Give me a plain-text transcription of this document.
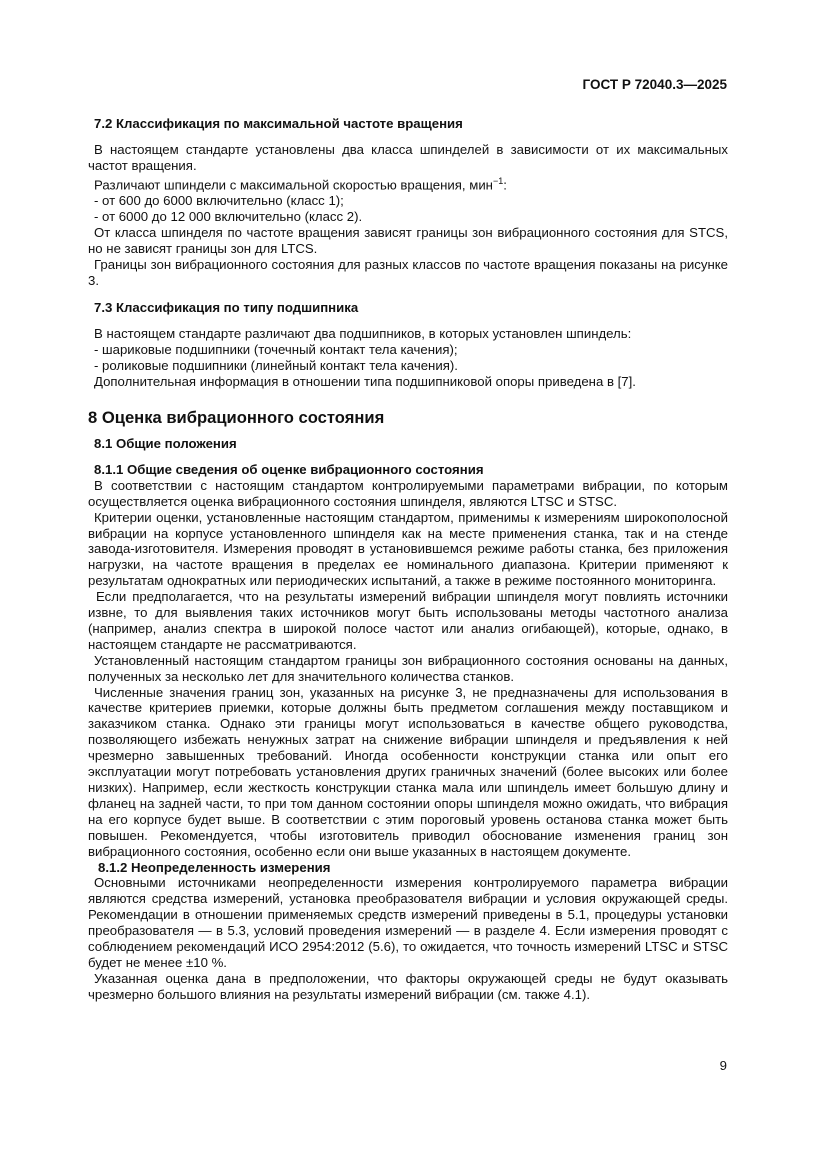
ГОСТ Р 72040.3—2025
7.2 Классификация по максимальной частоте вращения

В настоящем стандарте установлены два класса шпинделей в зависимости от их максимальных частот вращения.

Различают шпиндели с максимальной скоростью вращения, мин$^{-1}$:

- от 600 до 6000 включительно (класс 1);

- от 6000 до 12 000 включительно (класс 2).

От класса шпинделя по частоте вращения зависят границы зон вибрационного состояния для STCS, но не зависят границы зон для LTCS.

Границы зон вибрационного состояния для разных классов по частоте вращения показаны на рисунке 3.

7.3 Классификация по типу подшипника

В настоящем стандарте различают два подшипников, в которых установлен шпиндель:

- шариковые подшипники (точечный контакт тела качения);

- роликовые подшипники (линейный контакт тела качения).

Дополнительная информация в отношении типа подшипниковой опоры приведена в [7].

8 Оценка вибрационного состояния
8.1 Общие положения
8.1.1 Общие сведения об оценке вибрационного состояния

В соответствии с настоящим стандартом контролируемыми параметрами вибрации, по которым осуществляется оценка вибрационного состояния шпинделя, являются LTSC и STSC.

Критерии оценки, установленные настоящим стандартом, применимы к измерениям широкополосной вибрации на корпусе установленного шпинделя как на месте применения станка, так и на стенде завода-изготовителя. Измерения проводят в установившемся режиме работы станка, без приложения нагрузки, на частоте вращения в пределах ее номинального диапазона. Критерии применяют к результатам однократных или периодических испытаний, а также в режиме постоянного мониторинга.

Если предполагается, что на результаты измерений вибрации шпинделя могут повлиять источники извне, то для выявления таких источников могут быть использованы методы частотного анализа (например, анализ спектра в широкой полосе частот или анализ огибающей), которые, однако, в настоящем стандарте не рассматриваются.

Установленный настоящим стандартом границы зон вибрационного состояния основаны на данных, полученных за несколько лет для значительного количества станков.

Численные значения границ зон, указанных на рисунке 3, не предназначены для использования в качестве критериев приемки, которые должны быть предметом соглашения между поставщиком и заказчиком станка. Однако эти границы могут использоваться в качестве общего руководства, позволяющего избежать ненужных затрат на снижение вибрации шпинделя и предъявления к ней чрезмерно завышенных требований. Иногда особенности конструкции станка или опыт его эксплуатации могут потребовать установления других граничных значений (более высоких или более низких). Например, если жесткость конструкции станка мала или шпиндель имеет большую длину и фланец на задней части, то при том данном состоянии опоры шпинделя можно ожидать, что вибрация на его корпусе будет выше. В соответствии с этим пороговый уровень останова станка может быть повышен. Рекомендуется, чтобы изготовитель приводил обоснование изменения границ зон вибрационного состояния, особенно если они выше указанных в настоящем документе.

8.1.2 Неопределенность измерения

Основными источниками неопределенности измерения контролируемого параметра вибрации являются средства измерений, установка преобразователя вибрации и условия окружающей среды. Рекомендации в отношении применяемых средств измерений приведены в 5.1, процедуры установки преобразователя — в 5.3, условий проведения измерений — в разделе 4. Если измерения проводят с соблюдением рекомендаций ИСО 2954:2012 (5.6), то ожидается, что точность измерений LTSC и STSC будет не менее ±10 %.

Указанная оценка дана в предположении, что факторы окружающей среды не будут оказывать чрезмерно большого влияния на результаты измерений вибрации (см. также 4.1).

9
